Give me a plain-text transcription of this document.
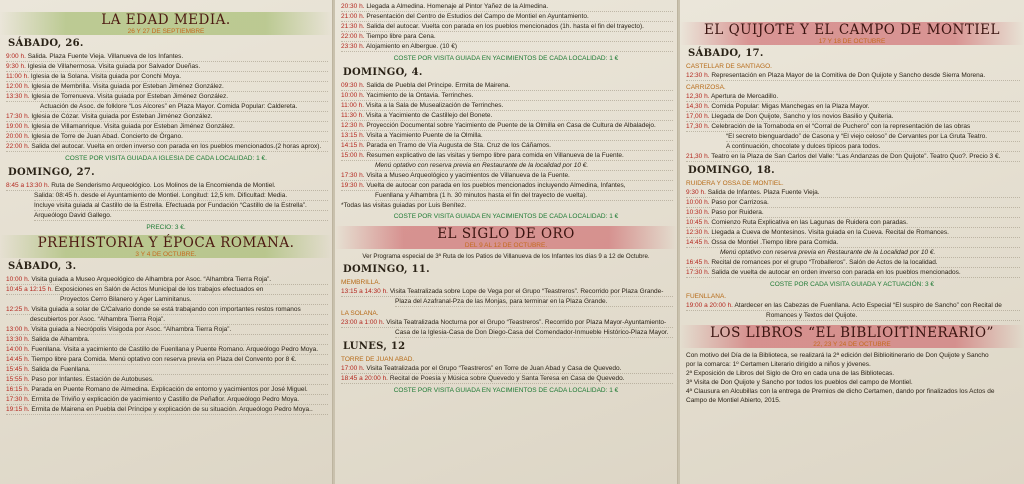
LA EDAD MEDIA.
26 Y 27 DE SEPTIEMBRE
SÁBADO, 26.
9:00 h. Salida. Plaza Fuente Vieja. Villanueva de los Infantes.
9:30 h. Iglesia de Villahermosa. Visita guiada por Salvador Dueñas.
11:00 h. Iglesia de la Solana. Visita guiada por Conchi Moya.
12:00 h. Iglesia de Membrilla. Visita guiada por Esteban Jiménez González.
13:30 h. Iglesia de Torrenueva. Visita guiada por Esteban Jiménez González.
Actuación de Asoc. de folklore “Los Alcores” en Plaza Mayor. Comida Popular: Caldereta.
17:30 h. Iglesia de Cózar. Visita guiada por Esteban Jiménez González.
19:00 h. Iglesia de Villamanrique. Visita guiada por Esteban Jiménez González.
20:00 h. Iglesia de Torre de Juan Abad. Concierto de Órgano.
22:00 h. Salida del autocar. Vuelta en orden inverso con parada en los pueblos mencionados.(2 horas aprox).
COSTE POR VISITA GUIADA A IGLESIA DE CADA LOCALIDAD: 1 €.
DOMINGO, 27.
8:45 a 13:30 h. Ruta de Senderismo Arqueológico. Los Molinos de la Encomienda de Montiel.
Salida: 08:45 h. desde el Ayuntamiento de Montiel. Longitud: 12,5 km. Dificultad: Media.
Incluye visita guiada al Castillo de la Estrella. Efectuada por Fundación “Castillo de la Estrella”.
Arqueólogo David Gallego.
PRECIO: 3 €.
PREHISTORIA Y ÉPOCA ROMANA.
3 Y 4 DE OCTUBRE.
SÁBADO, 3.
10:00 h. Visita guiada a Museo Arqueológico de Alhambra por Asoc. “Alhambra Tierra Roja”.
10:45 a 12:15 h. Exposiciones en Salón de Actos Municipal de los trabajos efectuados en
Proyectos Cerro Bilanero y Ager Laminitanus.
12:25 h. Visita guiada a solar de C/Calvario donde se está trabajando con importantes restos romanos
descubiertos por Asoc. “Alhambra Tierra Roja”.
13:00 h. Visita guiada a Necrópolis Visigoda por Asoc. “Alhambra Tierra Roja”.
13:30 h. Salida de Alhambra.
14:00 h. Fuenllana. Visita a yacimiento de Castillo de Fuenllana y Puente Romano. Arqueólogo Pedro Moya.
14:45 h. Tiempo libre para Comida. Menú optativo con reserva previa en Plaza del Convento por 8 €.
15:45 h. Salida de Fuenllana.
15:55 h. Paso por Infantes. Estación de Autobuses.
16:15 h. Parada en Puente Romano de Almedina. Explicación de entorno y yacimientos por José Miguel.
17:30 h. Ermita de Triviño y explicación de yacimiento y Castillo de Peñaflor. Arqueólogo Pedro Moya.
19:15 h. Ermita de Mairena en Puebla del Príncipe y explicación de su situación. Arqueólogo Pedro Moya..
20:30 h. Llegada a Almedina. Homenaje al Pintor Yañez de la Almedina.
21:00 h. Presentación del Centro de Estudios del Campo de Montiel en Ayuntamiento.
21:30 h. Salida del autocar. Vuelta con parada en los pueblos mencionados (1h. hasta el fin del trayecto).
22:00 h. Tiempo libre para Cena.
23:30 h. Alojamiento en Albergue. (10 €)
COSTE POR VISITA GUIADA EN YACIMIENTOS DE CADA LOCALIDAD: 1 €
DOMINGO, 4.
09:30 h. Salida de Puebla del Príncipe. Ermita de Mairena.
10:00 h. Yacimiento de la Ontavia. Terrinches.
11:00 h. Visita a la Sala de Musealización de Terrinches.
11:30 h. Visita a Yacimiento de Castillejo del Bonete.
12:30 h. Proyección Documental sobre Yacimiento de Puente de la Olmilla en Casa de Cultura de Albaladejo.
13:15 h. Visita a Yacimiento Puente de la Olmilla.
14:15 h. Parada en Tramo de Vía Augusta de Sta. Cruz de los Cáñamos.
15:00 h. Resumen explicativo de las visitas y tiempo libre para comida en Villanueva de la Fuente.
Menú optativo con reserva previa en Restaurante de la localidad por 10 €.
17:30 h. Visita a Museo Arqueológico y yacimientos de Villanueva de la Fuente.
19:30 h. Vuelta de autocar con parada en los pueblos mencionados incluyendo Almedina, Infantes,
Fuenllana y Alhambra (1 h. 30 minutos hasta el fin del trayecto de vuelta).
*Todas las visitas guiadas por Luis Benítez.
COSTE POR VISITA GUIADA EN YACIMIENTOS DE CADA LOCALIDAD: 1 €
EL SIGLO DE ORO
DEL 9 AL 12 DE OCTUBRE.
Ver Programa especial de 3ª Ruta de los Patios de Villanueva de los Infantes los días 9 a 12 de Octubre.
DOMINGO, 11.
MEMBRILLA.
13:15 a 14:30 h. Visita Teatralizada sobre Lope de Vega por el Grupo “Teastreros”. Recorrido por Plaza Grande-
Plaza del Azafranal-Pza de las Monjas, para terminar en la Plaza Grande.
LA SOLANA.
23:00 a 1:00 h. Visita Teatralizada Nocturna por el Grupo “Teastreros”. Recorrido por Plaza Mayor-Ayuntamiento-
Casa de la Iglesia-Casa de Don Diego-Casa del Comendador-Inmueble Histórico-Plaza Mayor.
LUNES, 12
TORRE DE JUAN ABAD.
17:00 h. Visita Teatralizada por el Grupo “Teastreros” en Torre de Juan Abad y Casa de Quevedo.
18:45 a 20:00 h. Recital de Poesía y Música sobre Quevedo y Santa Teresa en Casa de Quevedo.
COSTE POR VISITA GUIADA EN YACIMIENTOS DE CADA LOCALIDAD: 1 €
EL QUIJOTE Y EL CAMPO DE MONTIEL
17 Y 18 DE OCTUBRE
SÁBADO, 17.
CASTELLAR DE SANTIAGO.
12:30 h. Representación en Plaza Mayor de la Comitiva de Don Quijote y Sancho desde Sierra Morena.
CARRIZOSA.
12,30 h. Apertura de Mercadillo.
14,30 h. Comida Popular: Migas Manchegas en la Plaza Mayor.
17,00 h. Llegada de Don Quijote, Sancho y los novios Basilio y Quiteria.
17,30 h. Celebración de la Tornaboda en el “Corral de Puchero” con la representación de las obras
“El secreto bienguardado” de Casona y “El viejo celoso” de Cervantes por La Gruta Teatro.
A continuación, chocolate y dulces típicos para todos.
21,30 h. Teatro en la Plaza de San Carlos del Valle: “Las Andanzas de Don Quijote”. Teatro Quo?. Precio 3 €.
DOMINGO, 18.
RUIDERA Y OSSA DE MONTIEL.
9:30 h. Salida de Infantes. Plaza Fuente Vieja.
10:00 h. Paso por Carrizosa.
10:30 h. Paso por Ruidera.
10:45 h. Comienzo Ruta Explicativa en las Lagunas de Ruidera con paradas.
12:30 h. Llegada a Cueva de Montesinos. Visita guiada en la Cueva. Recital de Romances.
14:45 h. Ossa de Montiel .Tiempo libre para Comida.
Menú optativo con reserva previa en Restaurante de la Localidad por 10 €.
16:45 h. Recital de romances por el grupo “Troballeros”. Salón de Actos de la localidad.
17:30 h. Salida de vuelta de autocar en orden inverso con parada en los pueblos mencionados.
COSTE POR CADA VISITA GUIADA Y ACTUACIÓN: 3 €
FUENLLANA.
19:00 a 20:00 h. Atardecer en las Cabezas de Fuenllana. Acto Especial “El suspiro de Sancho” con Recital de
Romances y Textos del Quijote.
LOS LIBROS “EL BIBLIOITINERARIO”
22, 23 Y 24 DE OCTUBRE
Con motivo del Día de la Biblioteca, se realizará la 2ª edición del Biblioitinerario de Don Quijote y Sancho
por la comarca: 1º Certamen Literario dirigido a niños y jóvenes.
2ª Exposición de Libros del Siglo de Oro en cada una de las Bibliotecas.
3ª Visita de Don Quijote y Sancho por todos los pueblos del campo de Montiel.
4ª Clausura en Alcubillas con la entrega de Premios de dicho Certamen, dando por finalizados los Actos de
Campo de Montiel Abierto, 2015.
